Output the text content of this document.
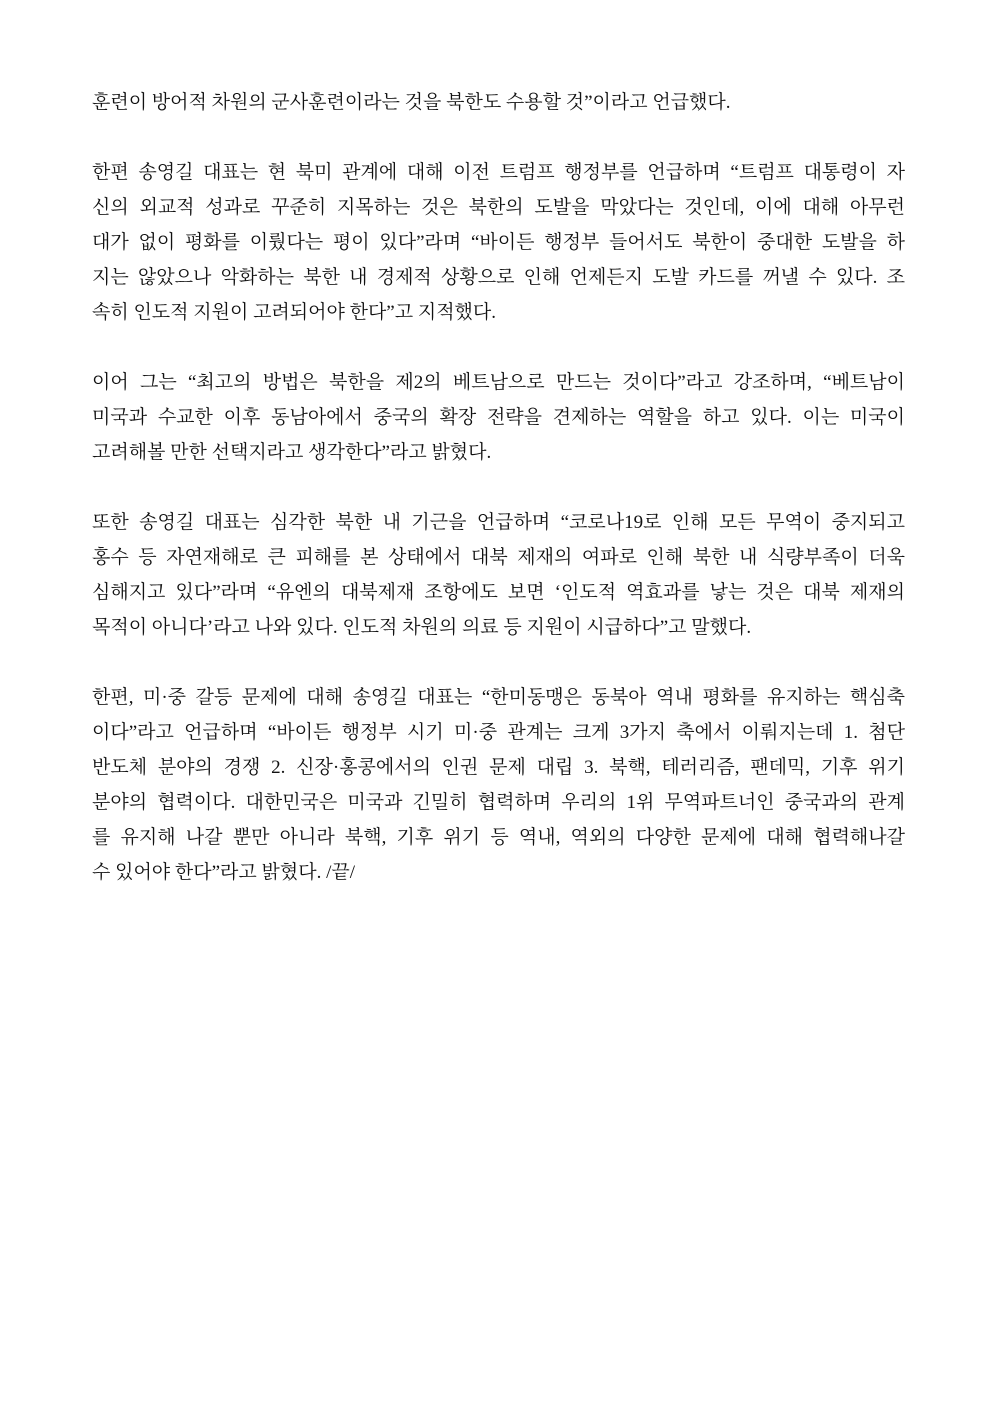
훈련이 방어적 차원의 군사훈련이라는 것을 북한도 수용할 것”이라고 언급했다.
한편 송영길 대표는 현 북미 관계에 대해 이전 트럼프 행정부를 언급하며 “트럼프 대통령이 자
신의 외교적 성과로 꾸준히 지목하는 것은 북한의 도발을 막았다는 것인데, 이에 대해 아무런
대가 없이 평화를 이뤘다는 평이 있다”라며 “바이든 행정부 들어서도 북한이 중대한 도발을 하
지는 않았으나 악화하는 북한 내 경제적 상황으로 인해 언제든지 도발 카드를 꺼낼 수 있다. 조
속히 인도적 지원이 고려되어야 한다”고 지적했다.
이어 그는 “최고의 방법은 북한을 제2의 베트남으로 만드는 것이다”라고 강조하며, “베트남이
미국과 수교한 이후 동남아에서 중국의 확장 전략을 견제하는 역할을 하고 있다. 이는 미국이
고려해볼 만한 선택지라고 생각한다”라고 밝혔다.
또한 송영길 대표는 심각한 북한 내 기근을 언급하며 “코로나19로 인해 모든 무역이 중지되고
홍수 등 자연재해로 큰 피해를 본 상태에서 대북 제재의 여파로 인해 북한 내 식량부족이 더욱
심해지고 있다”라며 “유엔의 대북제재 조항에도 보면 ‘인도적 역효과를 낳는 것은 대북 제재의
목적이 아니다’라고 나와 있다. 인도적 차원의 의료 등 지원이 시급하다”고 말했다.
한편, 미·중 갈등 문제에 대해 송영길 대표는 “한미동맹은 동북아 역내 평화를 유지하는 핵심축
이다”라고 언급하며 “바이든 행정부 시기 미·중 관계는 크게 3가지 축에서 이뤄지는데 1. 첨단
반도체 분야의 경쟁 2. 신장·홍콩에서의 인권 문제 대립 3. 북핵, 테러리즘, 팬데믹, 기후 위기
분야의 협력이다. 대한민국은 미국과 긴밀히 협력하며 우리의 1위 무역파트너인 중국과의 관계
를 유지해 나갈 뿐만 아니라 북핵, 기후 위기 등 역내, 역외의 다양한 문제에 대해 협력해나갈
수 있어야 한다”라고 밝혔다. /끝/
